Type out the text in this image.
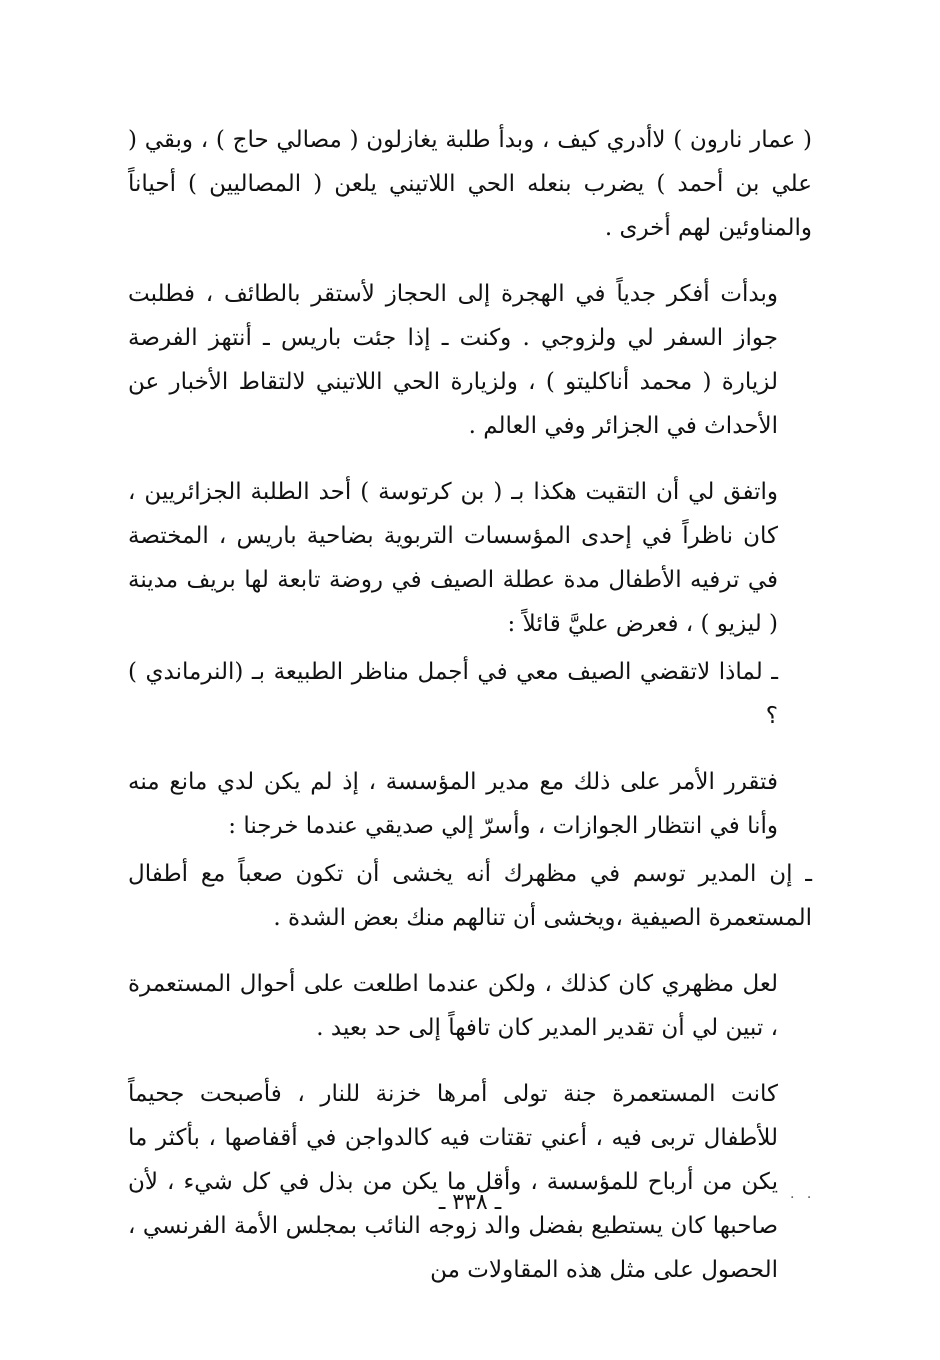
( عمار نارون ) لاأدري كيف ، وبدأ طلبة يغازلون ( مصالي حاج ) ، وبقي ( علي بن أحمد ) يضرب بنعله الحي اللاتيني يلعن ( المصاليين ) أحياناً والمناوئين لهم أخرى .

وبدأت أفكر جدياً في الهجرة إلى الحجاز لأستقر بالطائف ، فطلبت جواز السفر لي ولزوجي . وكنت ـ إذا جئت باريس ـ أنتهز الفرصة لزيارة ( محمد أناكليتو ) ، ولزيارة الحي اللاتيني لالتقاط الأخبار عن الأحداث في الجزائر وفي العالم .

واتفق لي أن التقيت هكذا بـ ( بن كرتوسة ) أحد الطلبة الجزائريين ، كان ناظراً في إحدى المؤسسات التربوية بضاحية باريس ، المختصة في ترفيه الأطفال مدة عطلة الصيف في روضة تابعة لها بريف مدينة ( ليزيو ) ، فعرض عليَّ قائلاً :

ـ لماذا لاتقضي الصيف معي في أجمل مناظر الطبيعة بـ (النرماندي ) ؟

فتقرر الأمر على ذلك مع مدير المؤسسة ، إذ لم يكن لدي مانع منه وأنا في انتظار الجوازات ، وأسرّ إلي صديقي عندما خرجنا :

ـ إن المدير توسم في مظهرك أنه يخشى أن تكون صعباً مع أطفال المستعمرة الصيفية ،ويخشى أن تنالهم منك بعض الشدة .

لعل مظهري كان كذلك ، ولكن عندما اطلعت على أحوال المستعمرة ، تبين لي أن تقدير المدير كان تافهاً إلى حد بعيد .

كانت المستعمرة جنة تولى أمرها خزنة للنار ، فأصبحت جحيماً للأطفال تربى فيه ، أعني تقتات فيه كالدواجن في أقفاصها ، بأكثر ما يكن من أرباح للمؤسسة ، وأقل ما يكن من بذل في كل شيء ، لأن صاحبها كان يستطيع بفضل والد زوجه النائب بمجلس الأمة الفرنسي ، الحصول على مثل هذه المقاولات من

. .
ـ ٣٣٨ ـ
